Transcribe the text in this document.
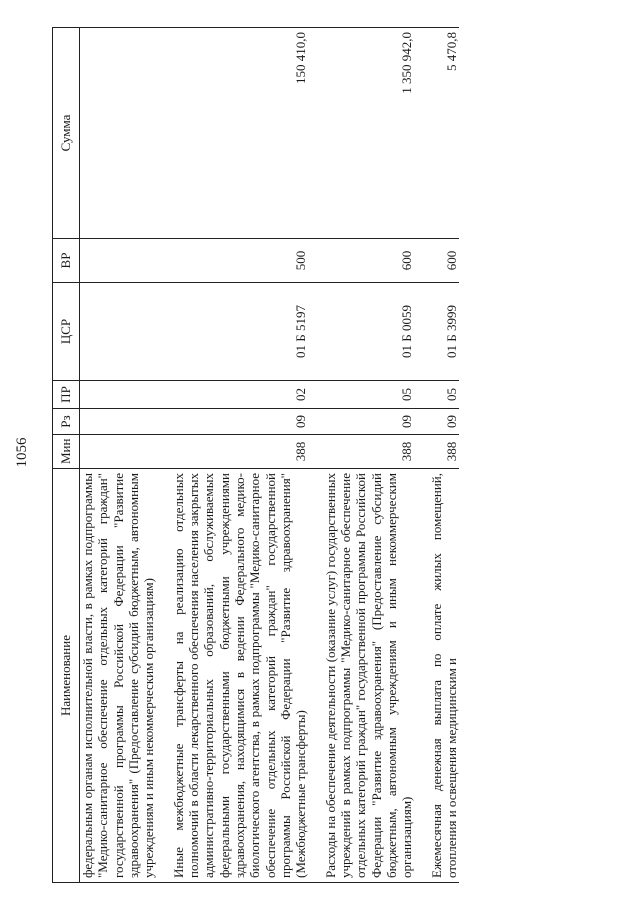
1056
Наименование	Мин	Рз	ПР	ЦСР	ВР	Сумма
федеральным органам исполнительной власти, в рамках подпрограммы "Медико-санитарное обеспечение отдельных категорий граждан" государственной программы Российской Федерации "Развитие здравоохранения" (Предоставление субсидий бюджетным, автономным учреждениям и иным некоммерческим организациям)						

Иные межбюджетные трансферты на реализацию отдельных полномочий в области лекарственного обеспечения населения закрытых административно-территориальных образований, обслуживаемых федеральными государственными бюджетными учреждениями здравоохранения, находящимися в ведении Федерального медико-биологического агентства, в рамках подпрограммы "Медико-санитарное обеспечение отдельных категорий граждан" государственной программы Российской Федерации "Развитие здравоохранения" (Межбюджетные трансферты)	388	09	02	01 Б 5197	500	150 410,0

Расходы на обеспечение деятельности (оказание услуг) государственных учреждений в рамках подпрограммы "Медико-санитарное обеспечение отдельных категорий граждан" государственной программы Российской Федерации "Развитие здравоохранения" (Предоставление субсидий бюджетным, автономным учреждениям и иным некоммерческим организациям)	388	09	05	01 Б 0059	600	1 350 942,0

Ежемесячная денежная выплата по оплате жилых помещений, отопления и освещения медицинским и	388	09	05	01 Б 3999	600	5 470,8
